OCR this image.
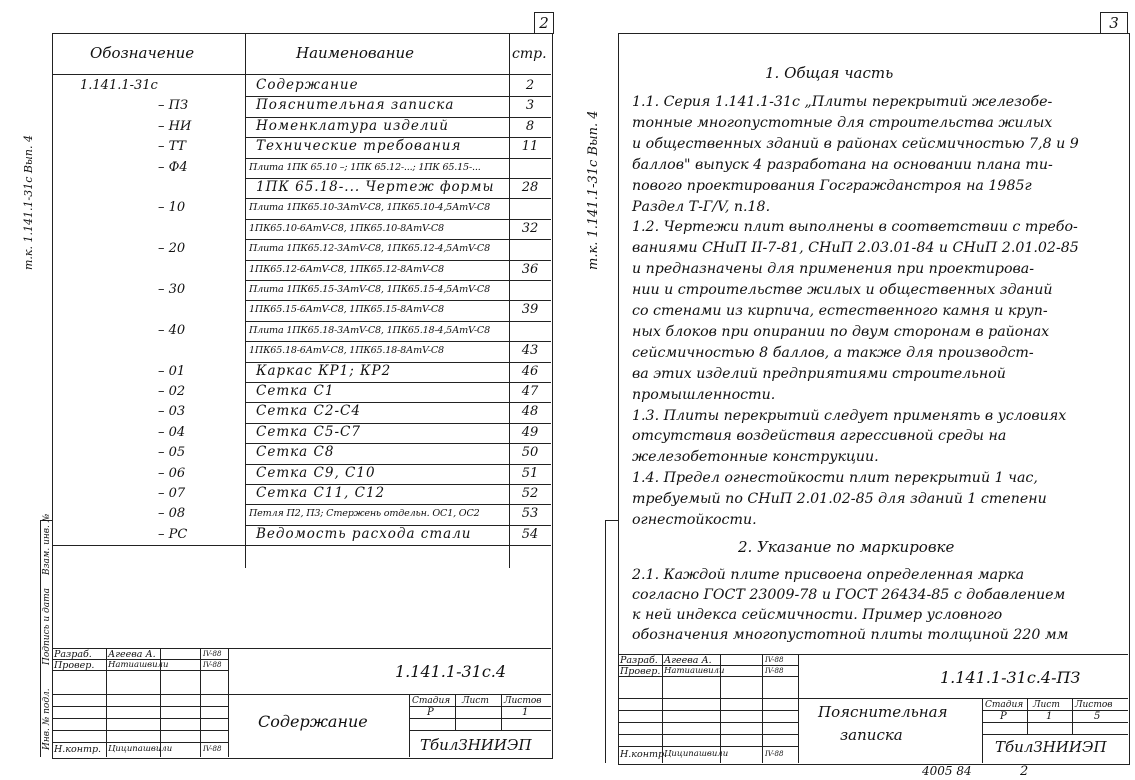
2
т.к. 1.141.1-31с Вып. 4
Инв. № подл.
Подпись и дата
Взам. инв. №
Обозначение	Наименование	стр.
1.141.1-31с	Содержание	2
– ПЗ	Пояснительная записка	3
– НИ	Номенклатура изделий	8
– ТТ	Технические требования	11
– Ф4	Плита 1ПК 65.10 –; 1ПК 65.12-...; 1ПК 65.15-...
1ПК 65.18-... Чертеж формы	28
– 10	Плита 1ПК65.10-3АтV-С8, 1ПК65.10-4,5АтV-С8
1ПК65.10-6АтV-С8, 1ПК65.10-8АтV-С8	32
– 20	Плита 1ПК65.12-3АтV-С8, 1ПК65.12-4,5АтV-С8
1ПК65.12-6АтV-С8, 1ПК65.12-8АтV-С8	36
– 30	Плита 1ПК65.15-3АтV-С8, 1ПК65.15-4,5АтV-С8
1ПК65.15-6АтV-С8, 1ПК65.15-8АтV-С8	39
– 40	Плита 1ПК65.18-3АтV-С8, 1ПК65.18-4,5АтV-С8
1ПК65.18-6АтV-С8, 1ПК65.18-8АтV-С8	43
– 01	Каркас КР1; КР2	46
– 02	Сетка С1	47
– 03	Сетка С2-С4	48
– 04	Сетка С5-С7	49
– 05	Сетка С8	50
– 06	Сетка С9, С10	51
– 07	Сетка С11, С12	52
– 08	Петля П2, П3; Стержень отдельн. ОС1, ОС2	53
– РС	Ведомость расхода стали	54
Разраб. Агеева А.	IV-88
Провер. Натиашвили	IV-88
Н.контр. Циципашвили	IV-88
1.141.1-31с.4
Стадия Лист Листов
Р	1
Содержание
ТбилЗНИИЭП
3
т.к. 1.141.1-31с Вып. 4
1. Общая часть
1.1. Серия 1.141.1-31с „Плиты перекрытий железобе-
тонные многопустотные для строительства жилых
и общественных зданий в районах сейсмичностью 7,8 и 9
баллов" выпуск 4 разработана на основании плана ти-
пового проектирования Госгражданстроя на 1985г
Раздел Т-Г/V, п.18.
1.2. Чертежи плит выполнены в соответствии с требо-
ваниями СНиП II-7-81, СНиП 2.03.01-84 и СНиП 2.01.02-85
и предназначены для применения при проектирова-
нии и строительстве жилых и общественных зданий
со стенами из кирпича, естественного камня и круп-
ных блоков при опирании по двум сторонам в районах
сейсмичностью 8 баллов, а также для производст-
ва этих изделий предприятиями строительной
промышленности.
1.3. Плиты перекрытий следует применять в условиях
отсутствия воздействия агрессивной среды на
железобетонные конструкции.
1.4. Предел огнестойкости плит перекрытий 1 час,
требуемый по СНиП 2.01.02-85 для зданий 1 степени
огнестойкости.
2. Указание по маркировке
2.1. Каждой плите присвоена определенная марка
согласно ГОСТ 23009-78 и ГОСТ 26434-85 с добавлением
к ней индекса сейсмичности. Пример условного
обозначения многопустотной плиты толщиной 220 мм
Разраб. Агеева А.	IV-88
Провер. Натиашвили	IV-88
Н.контр.
Циципашвили	IV-88
1.141.1-31с.4-ПЗ
Стадия Лист Листов
Р	1	5
Пояснительная
записка
ТбилЗНИИЭП
4005 84	2
